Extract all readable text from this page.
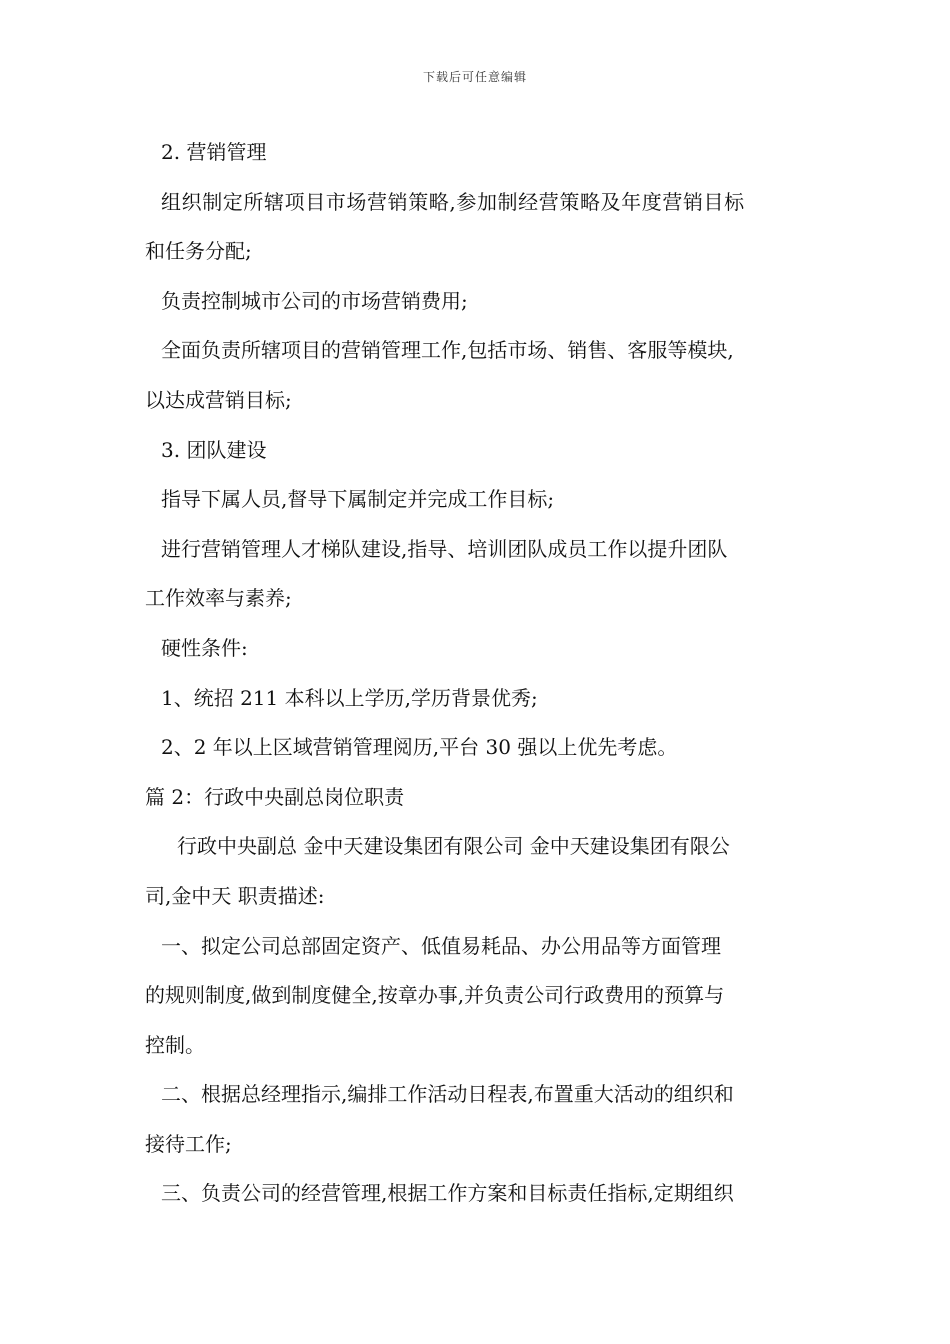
下载后可任意编辑
2. 营销管理
组织制定所辖项目市场营销策略,参加制经营策略及年度营销目标
和任务分配;
负责控制城市公司的市场营销费用;
全面负责所辖项目的营销管理工作,包括市场、销售、客服等模块,
以达成营销目标;
3. 团队建设
指导下属人员,督导下属制定并完成工作目标;
进行营销管理人才梯队建设,指导、培训团队成员工作以提升团队
工作效率与素养;
硬性条件:
1、统招 211 本科以上学历,学历背景优秀;
2、2 年以上区域营销管理阅历,平台 30 强以上优先考虑。
篇 2：行政中央副总岗位职责
行政中央副总 金中天建设集团有限公司 金中天建设集团有限公
司,金中天 职责描述:
一、拟定公司总部固定资产、低值易耗品、办公用品等方面管理
的规则制度,做到制度健全,按章办事,并负责公司行政费用的预算与
控制。
二、根据总经理指示,编排工作活动日程表,布置重大活动的组织和
接待工作;
三、负责公司的经营管理,根据工作方案和目标责任指标,定期组织
